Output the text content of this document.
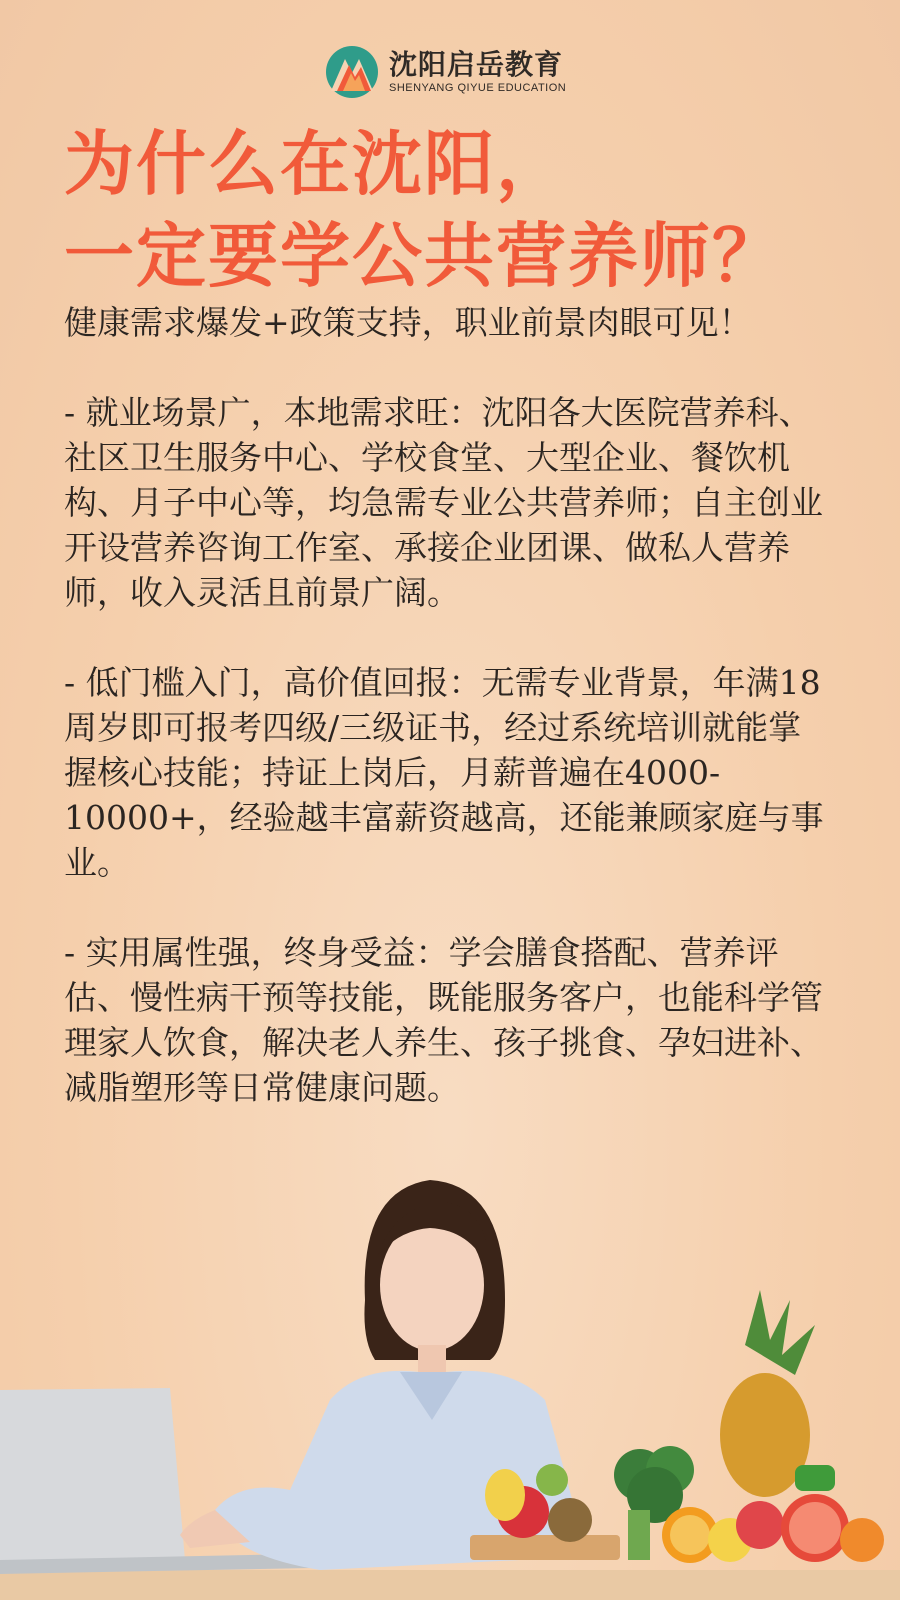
沈阳启岳教育
SHENYANG QIYUE EDUCATION
为什么在沈阳，
一定要学公共营养师？

健康需求爆发+政策支持，职业前景肉眼可见！

- 就业场景广，本地需求旺：沈阳各大医院营养科、社区卫生服务中心、学校食堂、大型企业、餐饮机构、月子中心等，均急需专业公共营养师；自主创业开设营养咨询工作室、承接企业团课、做私人营养师，收入灵活且前景广阔。

- 低门槛入门，高价值回报：无需专业背景，年满18周岁即可报考四级/三级证书，经过系统培训就能掌握核心技能；持证上岗后，月薪普遍在4000-10000+，经验越丰富薪资越高，还能兼顾家庭与事业。

- 实用属性强，终身受益：学会膳食搭配、营养评估、慢性病干预等技能，既能服务客户，也能科学管理家人饮食，解决老人养生、孩子挑食、孕妇进补、减脂塑形等日常健康问题。
